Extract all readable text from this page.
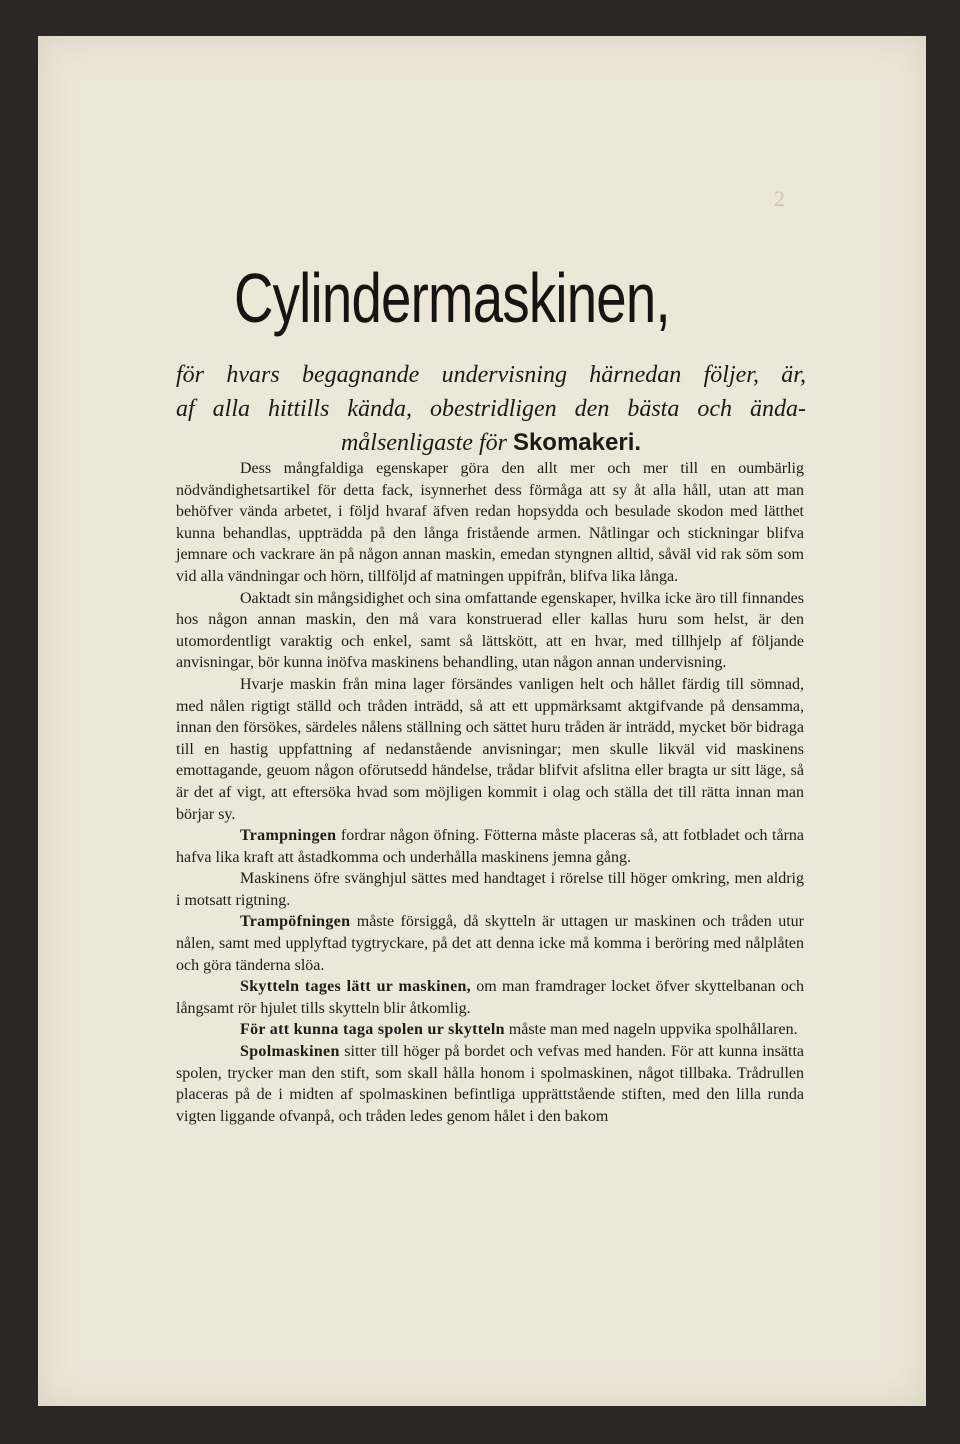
2
Cylindermaskinen,
för hvars begagnande undervisning härnedan följer, är,
af alla hittills kända, obestridligen den bästa och ända-
målsenligaste för Skomakeri.

Dess mångfaldiga egenskaper göra den allt mer och mer till en oumbärlig nödvändighetsartikel för detta fack, isynnerhet dess förmåga att sy åt alla håll, utan att man behöfver vända arbetet, i följd hvaraf äfven redan hopsydda och besulade skodon med lätthet kunna behandlas, uppträdda på den långa fristående armen. Nåtlingar och stickningar blifva jemnare och vackrare än på någon annan maskin, emedan styngnen alltid, såväl vid rak söm som vid alla vändningar och hörn, tillföljd af matningen uppifrån, blifva lika långa.

Oaktadt sin mångsidighet och sina omfattande egenskaper, hvilka icke äro till finnandes hos någon annan maskin, den må vara konstruerad eller kallas huru som helst, är den utomordentligt varaktig och enkel, samt så lättskött, att en hvar, med tillhjelp af följande anvisningar, bör kunna inöfva maskinens behandling, utan någon annan undervisning.

Hvarje maskin från mina lager försändes vanligen helt och hållet färdig till sömnad, med nålen rigtigt ställd och tråden inträdd, så att ett uppmärksamt aktgifvande på densamma, innan den försökes, särdeles nålens ställning och sättet huru tråden är inträdd, mycket bör bidraga till en hastig uppfattning af nedanstående anvisningar; men skulle likväl vid maskinens emottagande, geuom någon oförutsedd händelse, trådar blifvit afslitna eller bragta ur sitt läge, så är det af vigt, att eftersöka hvad som möjligen kommit i olag och ställa det till rätta innan man börjar sy.

Trampningen fordrar någon öfning. Fötterna måste placeras så, att fotbladet och tårna hafva lika kraft att åstadkomma och underhålla maskinens jemna gång.

Maskinens öfre svänghjul sättes med handtaget i rörelse till höger omkring, men aldrig i motsatt rigtning.

Trampöfningen måste försiggå, då skytteln är uttagen ur maskinen och tråden utur nålen, samt med upplyftad tygtryckare, på det att denna icke må komma i beröring med nålplåten och göra tänderna slöa.

Skytteln tages lätt ur maskinen, om man framdrager locket öfver skyttelbanan och långsamt rör hjulet tills skytteln blir åtkomlig.

För att kunna taga spolen ur skytteln måste man med nageln uppvika spolhållaren.

Spolmaskinen sitter till höger på bordet och vefvas med handen. För att kunna insätta spolen, trycker man den stift, som skall hålla honom i spolmaskinen, något tillbaka. Trådrullen placeras på de i midten af spolmaskinen befintliga upprättstående stiften, med den lilla runda vigten liggande ofvanpå, och tråden ledes genom hålet i den bakom
